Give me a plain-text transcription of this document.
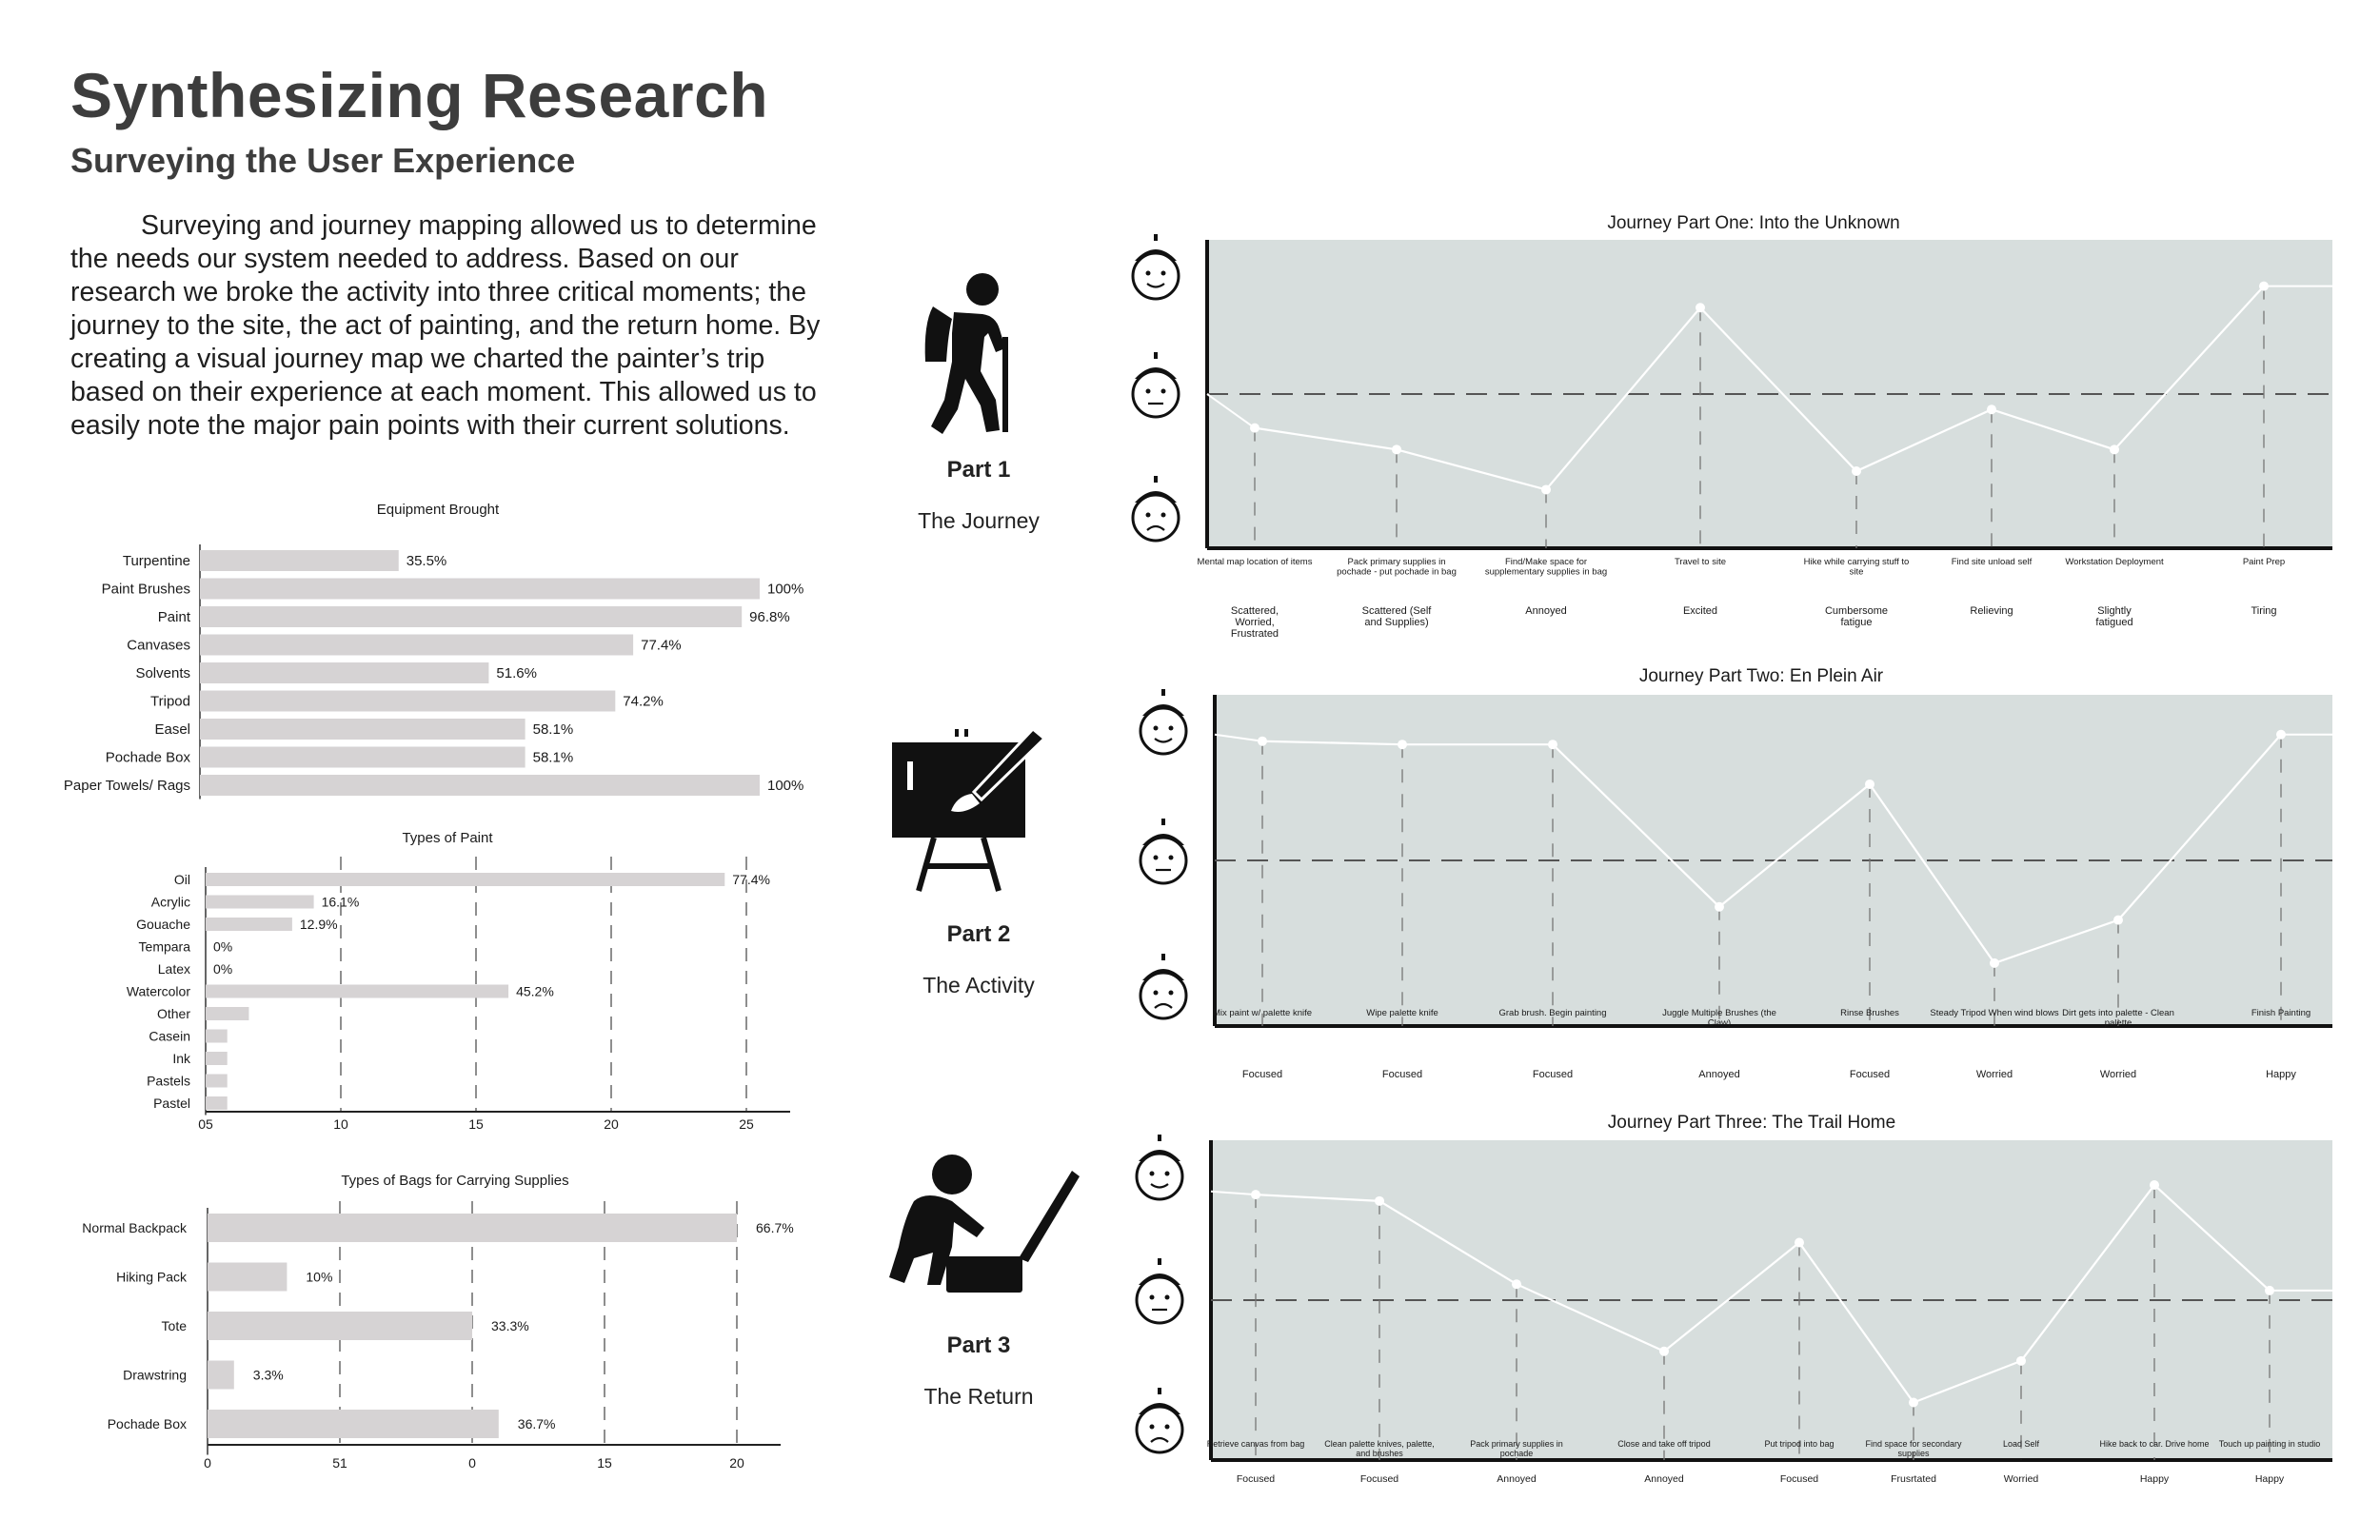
Synthesizing Research
Surveying the User Experience

Surveying and journey mapping allowed us to determine the needs our system needed to address. Based on our research we broke the activity into three critical moments; the journey to the site, the act of painting, and the return home. By creating a visual journey map we charted the painter’s trip based on their experience at each moment. This allowed us to easily note the major pain points with their current solutions.

Equipment Brought
Turpentine	35.5%
Paint Brushes	100%
Paint	96.8%
Canvases	77.4%
Solvents	51.6%
Tripod	74.2%
Easel	58.1%
Pochade Box	58.1%
Paper Towels/ Rags	100%
Types of Paint
05	10	15	20	25
Oil	77.4%
Acrylic	16.1%
Gouache	12.9%
Tempara 0%
Latex 0%
Watercolor	45.2%
Other
Casein
Ink
Pastels
Pastel
Types of Bags for Carrying Supplies
0	51	0	15	20
Normal Backpack	66.7%
Hiking Pack	10%
Tote	33.3%
Drawstring	3.3%
Pochade Box	36.7%
Part 1
The Journey
Part 2
The Activity
Part 3
The Return
Journey Part One: Into the Unknown
Mental map location of items
Scattered,
Worried,
Frustrated
Pack primary supplies in
pochade - put pochade in bag
Scattered (Self
and Supplies)
Find/Make space for
supplementary supplies in bag
Annoyed
Travel to site
Excited
Hike while carrying stuff to
site
Cumbersome
fatigue
Find site unload self
Relieving
Workstation Deployment
Slightly
fatigued
Paint Prep
Tiring
Journey Part Two: En Plein Air
Mix paint w/ palette knife
Focused
Wipe palette knife
Focused
Grab brush. Begin painting
Focused
Juggle Multiple Brushes (the
Claw)
Annoyed
Rinse Brushes
Focused
Steady Tripod When wind blows
Worried
Dirt gets into palette - Clean
palette
Worried
Finish Painting
Happy
Journey Part Three: The Trail Home
Retrieve canvas from bag
Focused
Clean palette knives, palette,
and brushes
Focused
Pack primary supplies in
pochade
Annoyed
Close and take off tripod
Annoyed
Put tripod into bag
Focused
Find space for secondary
supplies
Frusrtated
Load Self
Worried
Hike back to car. Drive home
Happy
Touch up painting in studio
Happy
